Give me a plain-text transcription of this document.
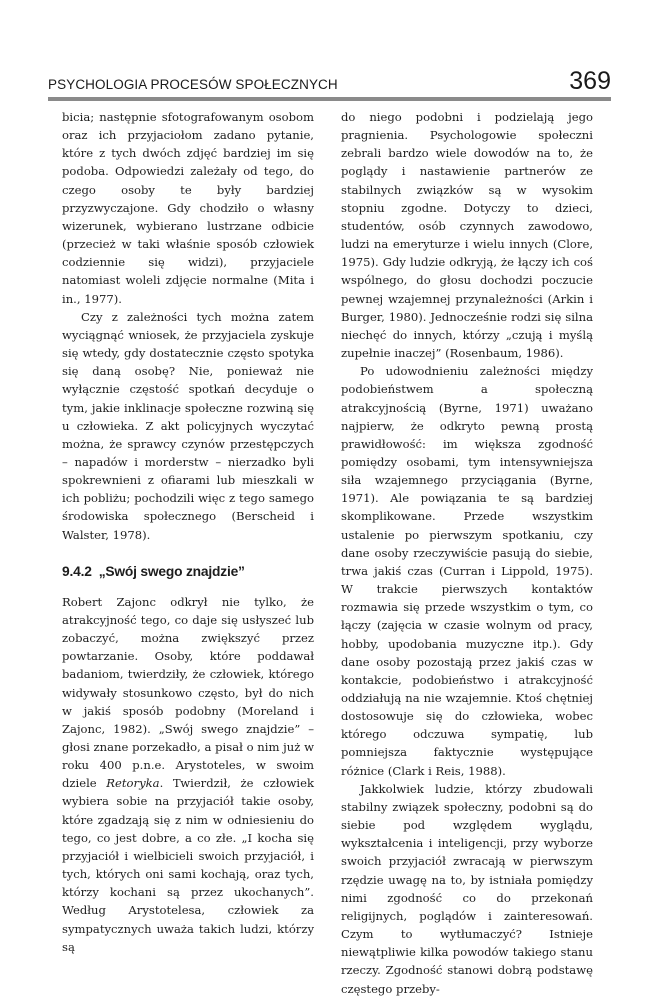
PSYCHOLOGIA PROCESÓW SPOŁECZNYCH	369

bicia; następnie sfotografowanym osobom oraz ich przyjaciołom zadano pytanie, które z tych dwóch zdjęć bardziej im się podoba. Odpowiedzi zależały od tego, do czego osoby te były bardziej przyzwyczajone. Gdy chodziło o własny wizerunek, wybierano lustrzane odbicie (przecież w taki właśnie sposób człowiek codziennie się widzi), przyjaciele natomiast woleli zdjęcie normalne (Mita i in., 1977).

Czy z zależności tych można zatem wyciągnąć wniosek, że przyjaciela zyskuje się wtedy, gdy dostatecznie często spotyka się daną osobę? Nie, ponieważ nie wyłącznie częstość spotkań decyduje o tym, jakie inklinacje społeczne rozwiną się u człowieka. Z akt policyjnych wyczytać można, że sprawcy czynów przestępczych – napadów i morderstw – nierzadko byli spokrewnieni z ofiarami lub mieszkali w ich pobliżu; pochodzili więc z tego samego środowiska społecznego (Berscheid i Walster, 1978).

9.4.2 „Swój swego znajdzie”

Robert Zajonc odkrył nie tylko, że atrakcyjność tego, co daje się usłyszeć lub zobaczyć, można zwiększyć przez powtarzanie. Osoby, które poddawał badaniom, twierdziły, że człowiek, którego widywały stosunkowo często, był do nich w jakiś sposób podobny (Moreland i Zajonc, 1982). „Swój swego znajdzie” – głosi znane porzekadło, a pisał o nim już w roku 400 p.n.e. Arystoteles, w swoim dziele Retoryka. Twierdził, że człowiek wybiera sobie na przyjaciół takie osoby, które zgadzają się z nim w odniesieniu do tego, co jest dobre, a co złe. „I kocha się przyjaciół i wielbicieli swoich przyjaciół, i tych, których oni sami kochają, oraz tych, którzy kochani są przez ukochanych”. Według Arystotelesa, człowiek za sympatycznych uważa takich ludzi, którzy są

do niego podobni i podzielają jego pragnienia. Psychologowie społeczni zebrali bardzo wiele dowodów na to, że poglądy i nastawienie partnerów ze stabilnych związków są w wysokim stopniu zgodne. Dotyczy to dzieci, studentów, osób czynnych zawodowo, ludzi na emeryturze i wielu innych (Clore, 1975). Gdy ludzie odkryją, że łączy ich coś wspólnego, do głosu dochodzi poczucie pewnej wzajemnej przynależności (Arkin i Burger, 1980). Jednocześnie rodzi się silna niechęć do innych, którzy „czują i myślą zupełnie inaczej” (Rosenbaum, 1986).

Po udowodnieniu zależności między podobieństwem a społeczną atrakcyjnością (Byrne, 1971) uważano najpierw, że odkryto pewną prostą prawidłowość: im większa zgodność pomiędzy osobami, tym intensywniejsza siła wzajemnego przyciągania (Byrne, 1971). Ale powiązania te są bardziej skomplikowane. Przede wszystkim ustalenie po pierwszym spotkaniu, czy dane osoby rzeczywiście pasują do siebie, trwa jakiś czas (Curran i Lippold, 1975). W trakcie pierwszych kontaktów rozmawia się przede wszystkim o tym, co łączy (zajęcia w czasie wolnym od pracy, hobby, upodobania muzyczne itp.). Gdy dane osoby pozostają przez jakiś czas w kontakcie, podobieństwo i atrakcyjność oddziałują na nie wzajemnie. Ktoś chętniej dostosowuje się do człowieka, wobec którego odczuwa sympatię, lub pomniejsza faktycznie występujące różnice (Clark i Reis, 1988).

Jakkolwiek ludzie, którzy zbudowali stabilny związek społeczny, podobni są do siebie pod względem wyglądu, wykształcenia i inteligencji, przy wyborze swoich przyjaciół zwracają w pierwszym rzędzie uwagę na to, by istniała pomiędzy nimi zgodność co do przekonań religijnych, poglądów i zainteresowań. Czym to wytłumaczyć? Istnieje niewątpliwie kilka powodów takiego stanu rzeczy. Zgodność stanowi dobrą podstawę częstego przeby-
